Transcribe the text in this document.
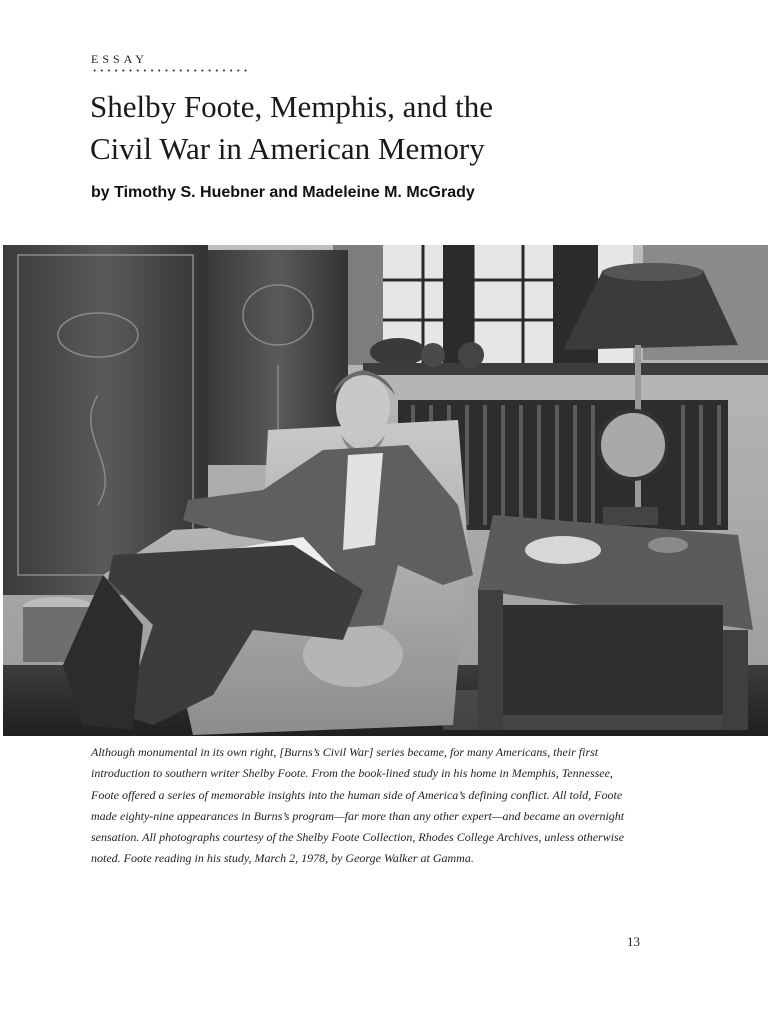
ESSAY
Shelby Foote, Memphis, and the
Civil War in American Memory
by Timothy S. Huebner and Madeleine M. McGrady
Although monumental in its own right, [Burns’s Civil War] series became, for many Americans, their first
introduction to southern writer Shelby Foote. From the book-lined study in his home in Memphis, Tennessee,
Foote offered a series of memorable insights into the human side of America’s defining conflict. All told, Foote
made eighty-nine appearances in Burns’s program—far more than any other expert—and became an overnight
sensation. All photographs courtesy of the Shelby Foote Collection, Rhodes College Archives, unless otherwise
noted. Foote reading in his study, March 2, 1978, by George Walker at Gamma.
13
